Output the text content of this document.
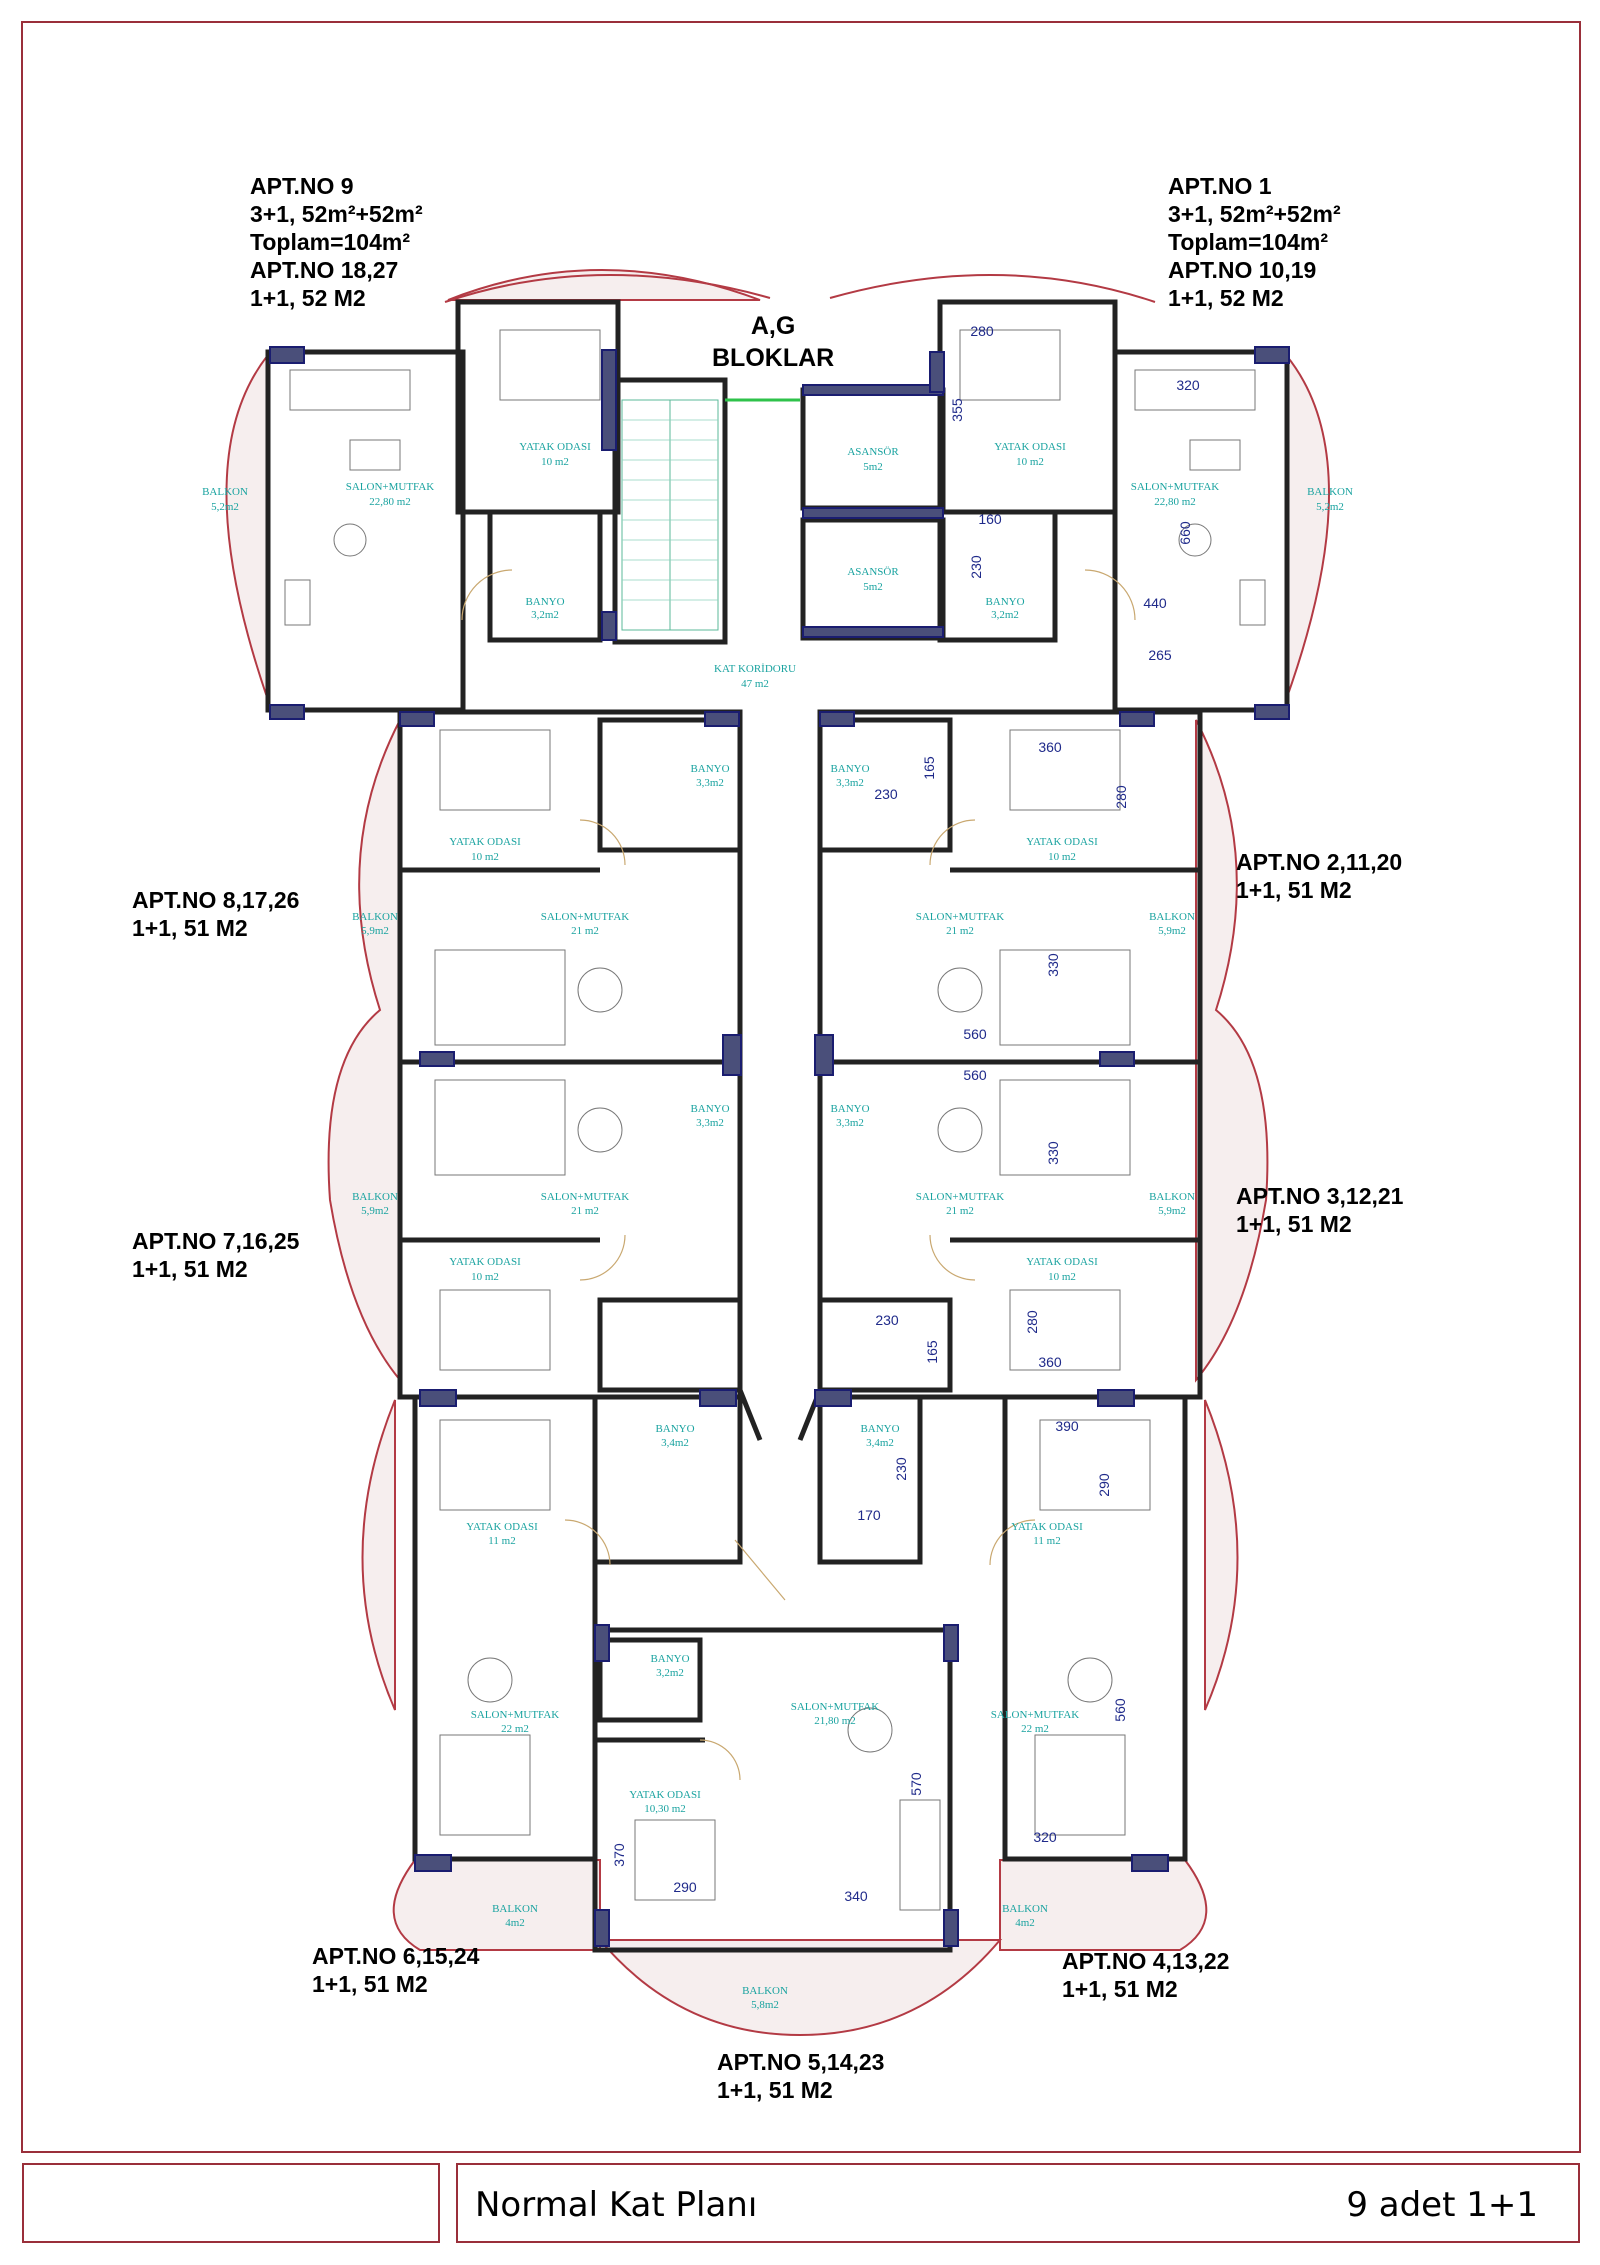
YATAK ODASI
10 m2
SALON+MUTFAK
22,80 m2
BALKON
5,2m2
BANYO
3,2m2
ASANSÖR
5m2
ASANSÖR
5m2
KAT KORİDORU
47 m2
YATAK ODASI
10 m2
SALON+MUTFAK
22,80 m2
BALKON
5,2m2
BANYO
3,2m2
YATAK ODASI
10 m2
BANYO
3,3m2
SALON+MUTFAK
21 m2
BALKON
5,9m2
BANYO
3,3m2
YATAK ODASI
10 m2
SALON+MUTFAK
21 m2
BALKON
5,9m2
BANYO
3,3m2
SALON+MUTFAK
21 m2
BALKON
5,9m2
YATAK ODASI
10 m2
BANYO
3,3m2
SALON+MUTFAK
21 m2
BALKON
5,9m2
YATAK ODASI
10 m2
BANYO
3,4m2
YATAK ODASI
11 m2
SALON+MUTFAK
22 m2
BALKON
4m2
BANYO
3,4m2
YATAK ODASI
11 m2
SALON+MUTFAK
22 m2
BALKON
4m2
BANYO
3,2m2
SALON+MUTFAK
21,80 m2
YATAK ODASI
10,30 m2
BALKON
5,8m2
280
355
320
160
230
660
440
265
360
165
230	280
330
560
560
330
230	280
165	360
390
230
290
170
560
570
370
290
340
320
A,G
BLOKLAR
APT.NO 9
3+1, 52m²+52m²
Toplam=104m²
APT.NO 18,27
1+1, 52 M2
APT.NO 1
3+1, 52m²+52m²
Toplam=104m²
APT.NO 10,19
1+1, 52 M2
APT.NO 8,17,26
1+1, 51 M2
APT.NO 2,11,20
1+1, 51 M2
APT.NO 7,16,25
1+1, 51 M2
APT.NO 3,12,21
1+1, 51 M2
APT.NO 6,15,24
1+1, 51 M2
APT.NO 4,13,22
1+1, 51 M2
APT.NO 5,14,23
1+1, 51 M2
Normal Kat Planı	9 adet 1+1
